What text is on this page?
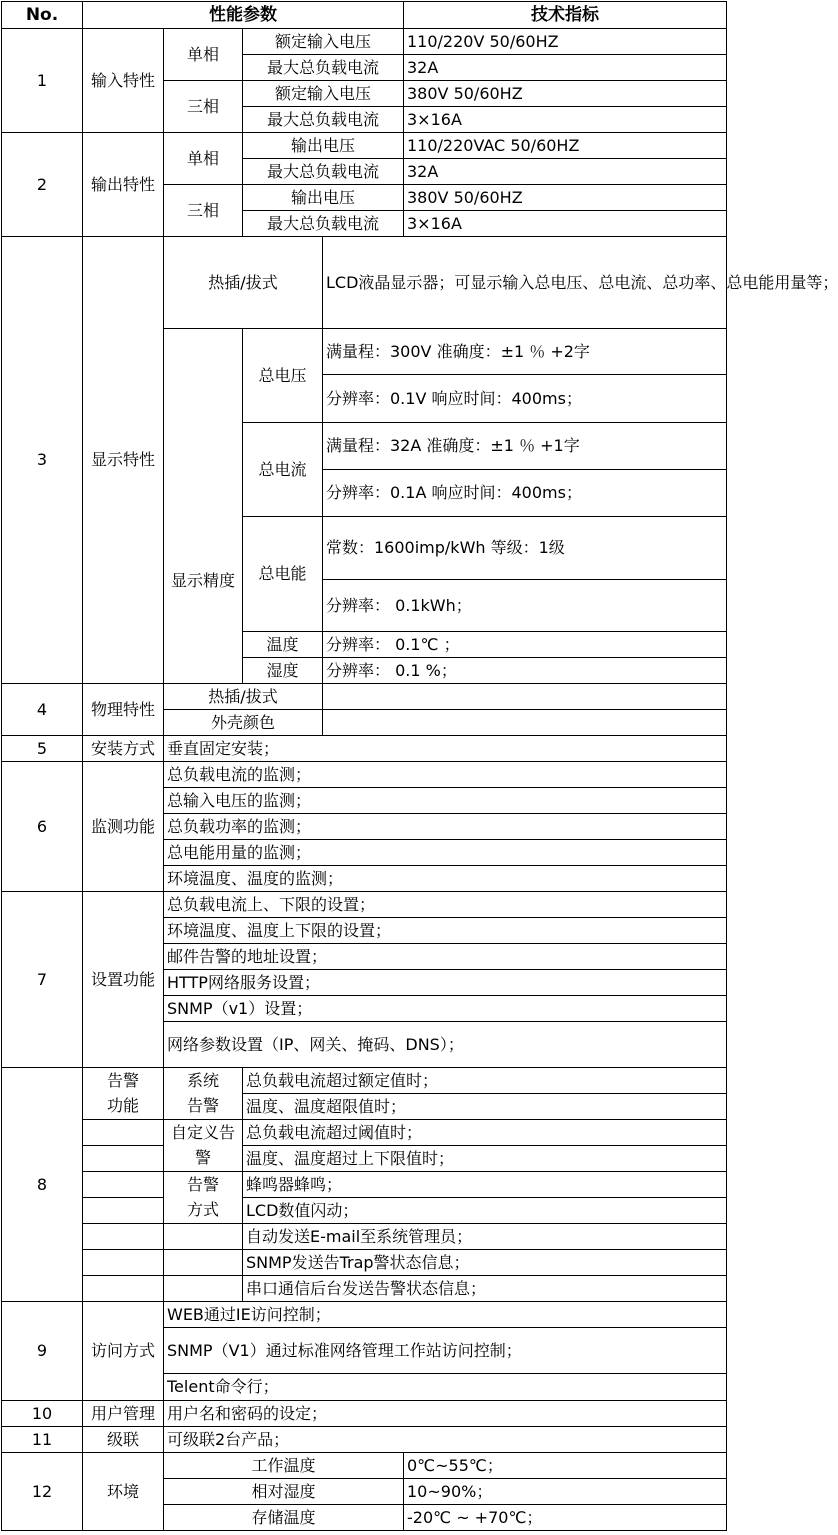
No.	性能参数				技术指标
1	输入特性	单相	额定输入电压		110/220V 50/60HZ
			最大总负载电流		32A
		三相	额定输入电压		380V 50/60HZ
			最大总负载电流		3×16A
2	输出特性	单相	输出电压		110/220VAC 50/60HZ
			最大总负载电流		32A
		三相	输出电压		380V 50/60HZ
			最大总负载电流		3×16A
3	显示特性	热插/拔式		LCD液晶显示器；可显示输入总电压、总电流、总功率、总电能用量等；	
		显示精度	总电压	满量程：300V 准确度：±1 ％ +2字	
				分辨率：0.1V 响应时间：400ms；	
			总电流	满量程：32A 准确度：±1 ％ +1字	
				分辨率：0.1A 响应时间：400ms；	
			总电能	常数：1600imp/kWh 等级：1级	
				分辨率： 0.1kWh；	
			温度	分辨率： 0.1℃ ；	
			湿度	分辨率： 0.1 %；	
4	物理特性	热插/拔式			
		外壳颜色			
5	安装方式	垂直固定安装；			
6	监测功能	总负载电流的监测；			
		总输入电压的监测；			
		总负载功率的监测；			
		总电能用量的监测；			
		环境温度、温度的监测；			
7	设置功能	总负载电流上、下限的设置；			
		环境温度、温度上下限的设置；			
		邮件告警的地址设置；			
		HTTP网络服务设置；			
		SNMP（v1）设置；			
		网络参数设置（IP、网关、掩码、DNS）；			
8	告警	系统	总负载电流超过额定值时；		
	功能	告警	温度、温度超限值时；		
		自定义告	总负载电流超过阈值时；		
		警	温度、温度超过上下限值时；		
		告警	蜂鸣器蜂鸣；		
		方式	LCD数值闪动；		
			自动发送E-mail至系统管理员；		
			SNMP发送告Trap警状态信息；		
			串口通信后台发送告警状态信息；		
9	访问方式	WEB通过IE访问控制；			
		SNMP（V1）通过标准网络管理工作站访问控制；			
		Telent命令行；			
10	用户管理	用户名和密码的设定；			
11	级联	可级联2台产品；			
12	环境	工作温度			0℃~55℃；
		相对湿度			10~90%；
		存储温度			-20℃ ~ +70℃；
